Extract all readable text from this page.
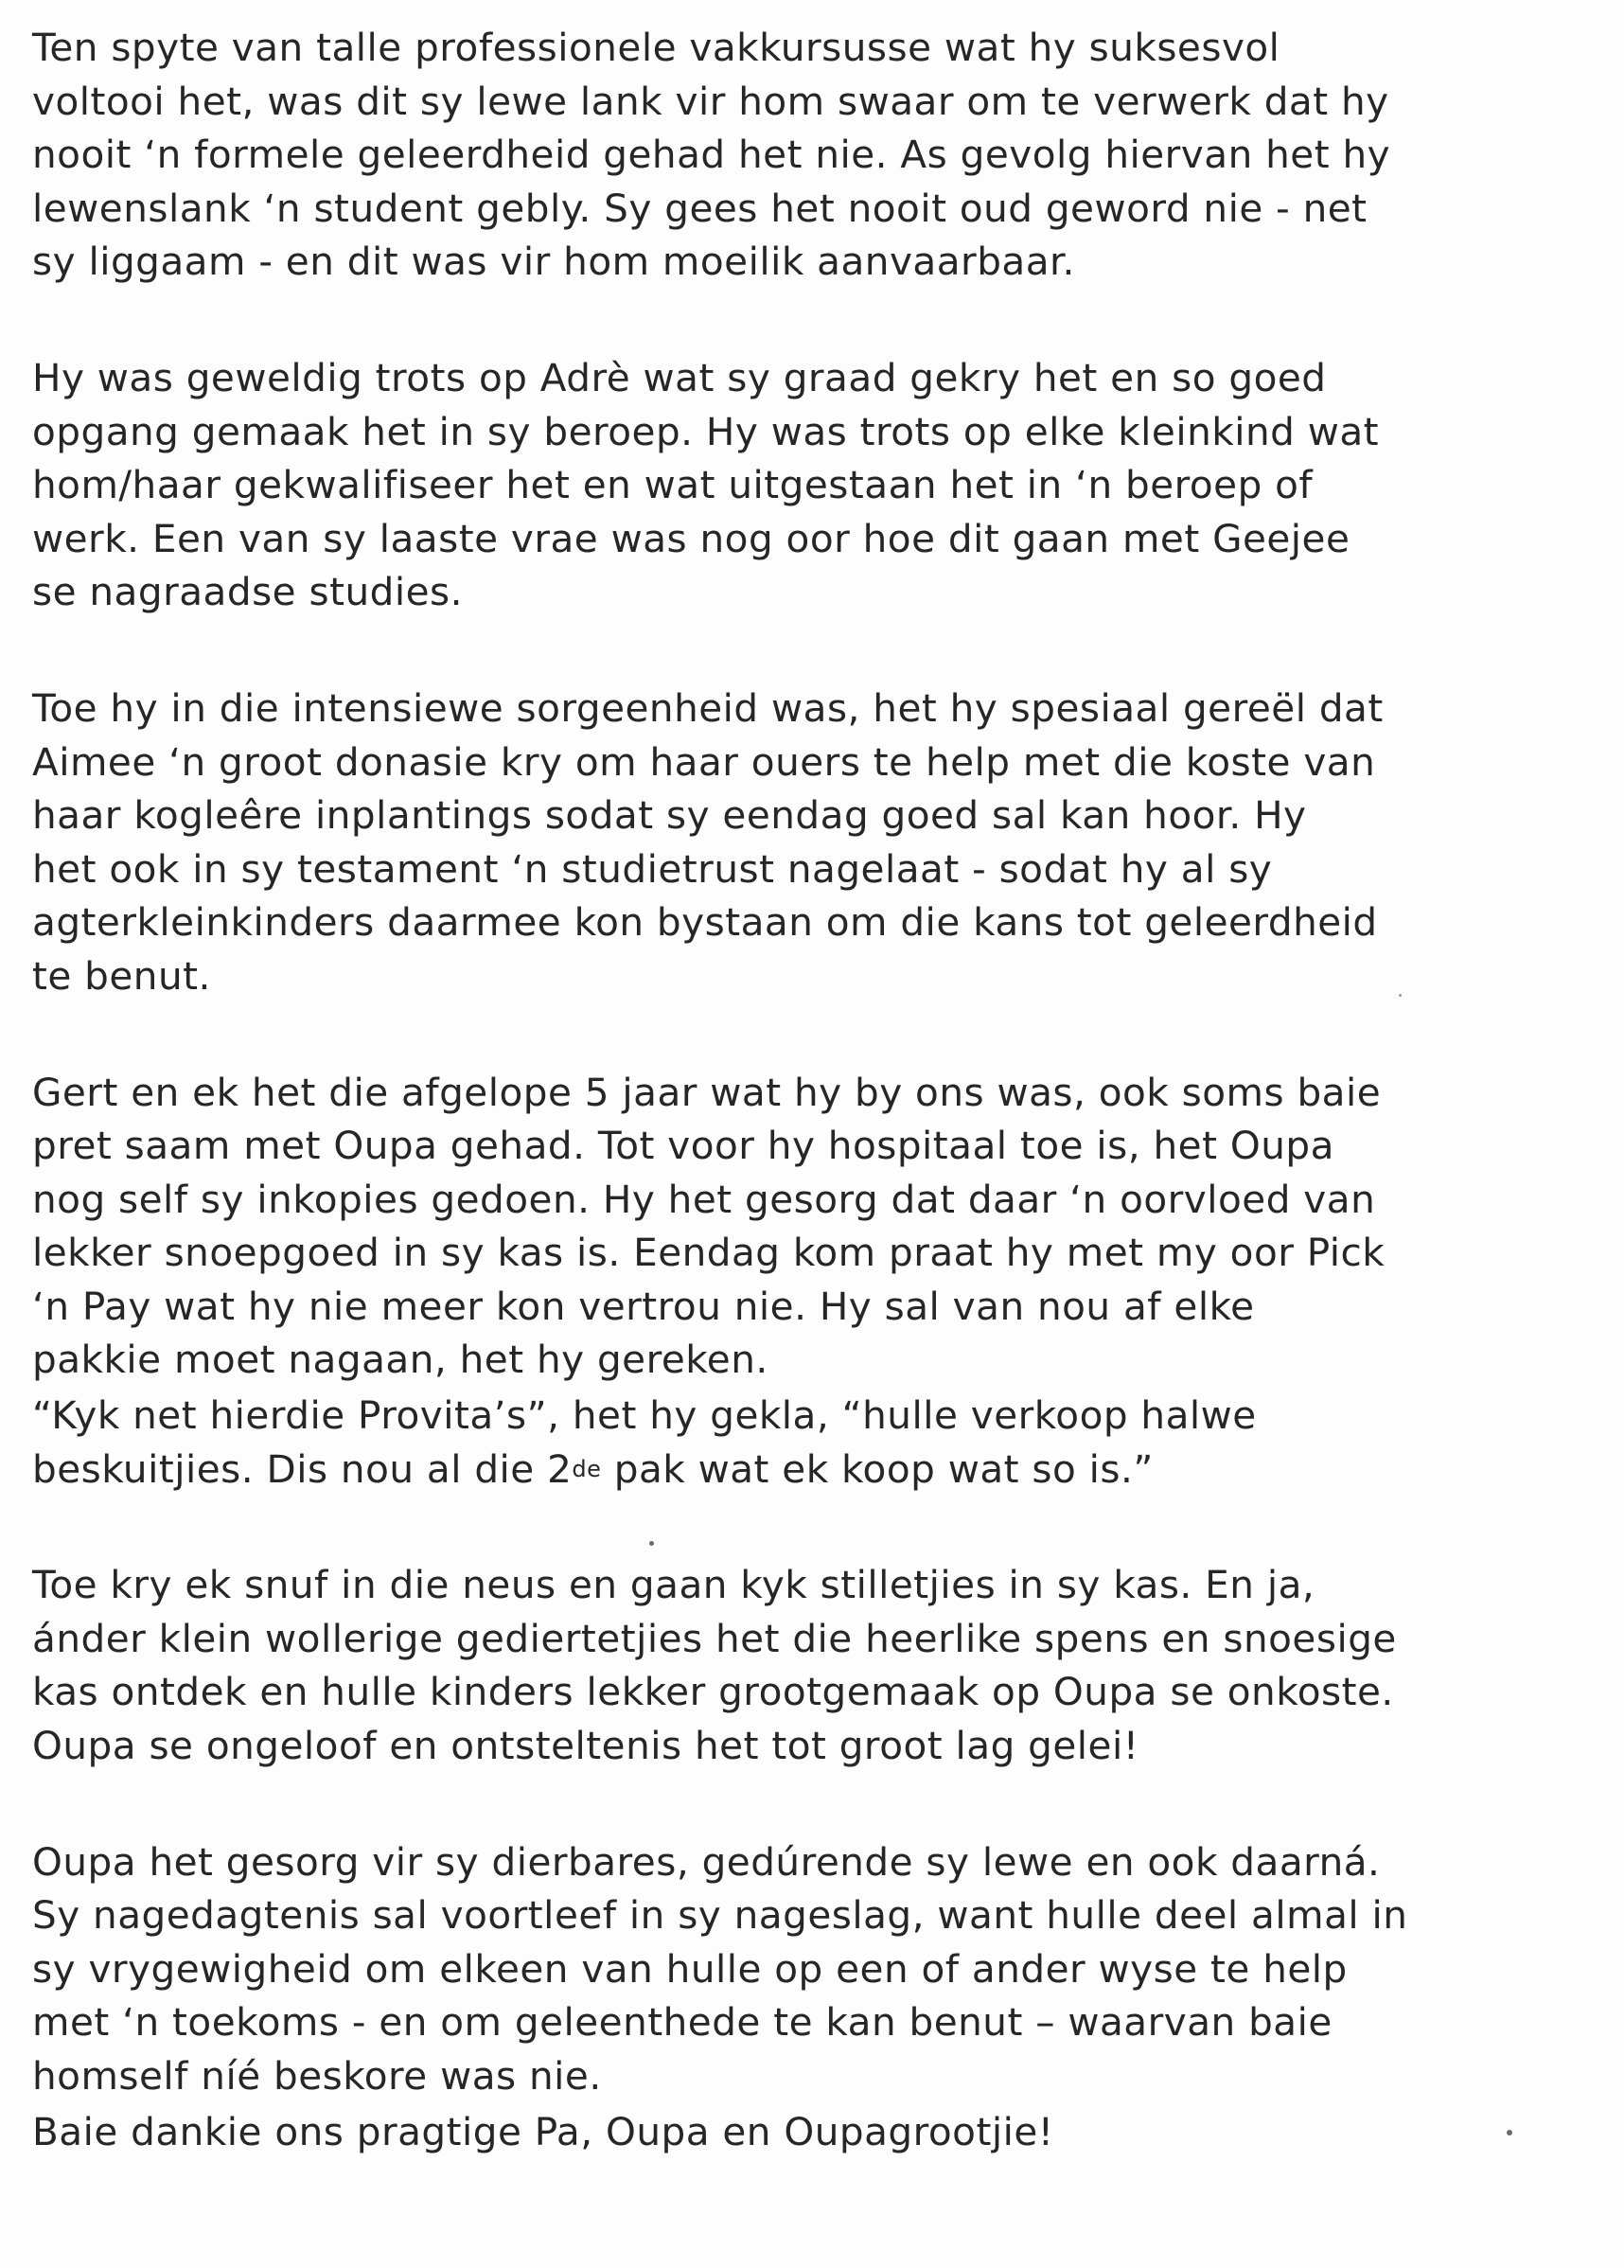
Ten spyte van talle professionele vakkursusse wat hy suksesvol
voltooi het, was dit sy lewe lank vir hom swaar om te verwerk dat hy
nooit ‘n formele geleerdheid gehad het nie. As gevolg hiervan het hy
lewenslank ‘n student gebly. Sy gees het nooit oud geword nie - net
sy liggaam - en dit was vir hom moeilik aanvaarbaar.
Hy was geweldig trots op Adrè wat sy graad gekry het en so goed
opgang gemaak het in sy beroep. Hy was trots op elke kleinkind wat
hom/haar gekwalifiseer het en wat uitgestaan het in ‘n beroep of
werk. Een van sy laaste vrae was nog oor hoe dit gaan met Geejee
se nagraadse studies.
Toe hy in die intensiewe sorgeenheid was, het hy spesiaal gereël dat
Aimee ‘n groot donasie kry om haar ouers te help met die koste van
haar kogleêre inplantings sodat sy eendag goed sal kan hoor. Hy
het ook in sy testament ‘n studietrust nagelaat - sodat hy al sy
agterkleinkinders daarmee kon bystaan om die kans tot geleerdheid
te benut.
Gert en ek het die afgelope 5 jaar wat hy by ons was, ook soms baie
pret saam met Oupa gehad. Tot voor hy hospitaal toe is, het Oupa
nog self sy inkopies gedoen. Hy het gesorg dat daar ‘n oorvloed van
lekker snoepgoed in sy kas is. Eendag kom praat hy met my oor Pick
‘n Pay wat hy nie meer kon vertrou nie. Hy sal van nou af elke
pakkie moet nagaan, het hy gereken.
“Kyk net hierdie Provita’s”, het hy gekla, “hulle verkoop halwe
beskuitjies. Dis nou al die 2de pak wat ek koop wat so is.”
Toe kry ek snuf in die neus en gaan kyk stilletjies in sy kas. En ja,
ánder klein wollerige gediertetjies het die heerlike spens en snoesige
kas ontdek en hulle kinders lekker grootgemaak op Oupa se onkoste.
Oupa se ongeloof en ontsteltenis het tot groot lag gelei!
Oupa het gesorg vir sy dierbares, gedúrende sy lewe en ook daarná.
Sy nagedagtenis sal voortleef in sy nageslag, want hulle deel almal in
sy vrygewigheid om elkeen van hulle op een of ander wyse te help
met ‘n toekoms - en om geleenthede te kan benut – waarvan baie
homself níé beskore was nie.
Baie dankie ons pragtige Pa, Oupa en Oupagrootjie!
